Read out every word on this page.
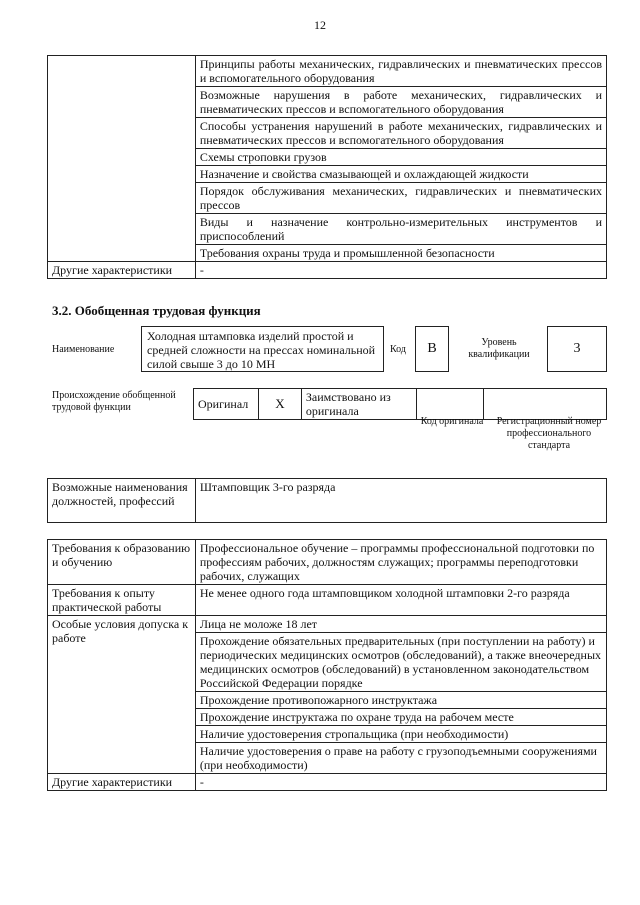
12
	Принципы работы механических, гидравлических и пневматических прессов и вспомогательного оборудования
	Возможные нарушения в работе механических, гидравлических и пневматических прессов и вспомогательного оборудования
	Способы устранения нарушений в работе механических, гидравлических и пневматических прессов и вспомогательного оборудования
	Схемы строповки грузов
	Назначение и свойства смазывающей и охлаждающей жидкости
	Порядок обслуживания механических, гидравлических и пневматических прессов
	Виды и назначение контрольно-измерительных инструментов и приспособлений
	Требования охраны труда и промышленной безопасности
Другие характеристики	-
3.2. Обобщенная трудовая функция
Наименование
Холодная штамповка изделий простой и средней сложности на прессах номинальной силой свыше 3 до 10 МН
Код	В	Уровень квалификации	3
Происхождение обобщенной трудовой функции	Оригинал	X	Заимствовано из оригинала		
Код оригинала Регистрационный номер профессионального стандарта
Возможные наименования должностей, профессий	Штамповщик 3-го разряда
Требования к образованию и обучению	Профессиональное обучение – программы профессиональной подготовки по профессиям рабочих, должностям служащих; программы переподготовки рабочих, служащих
Требования к опыту практической работы	Не менее одного года штамповщиком холодной штамповки 2-го разряда
Особые условия допуска к работе	Лица не моложе 18 лет
	Прохождение обязательных предварительных (при поступлении на работу) и периодических медицинских осмотров (обследований), а также внеочередных медицинских осмотров (обследований) в установленном законодательством Российской Федерации порядке
	Прохождение противопожарного инструктажа
	Прохождение инструктажа по охране труда на рабочем месте
	Наличие удостоверения стропальщика (при необходимости)
	Наличие удостоверения о праве на работу с грузоподъемными сооружениями (при необходимости)
Другие характеристики	-
